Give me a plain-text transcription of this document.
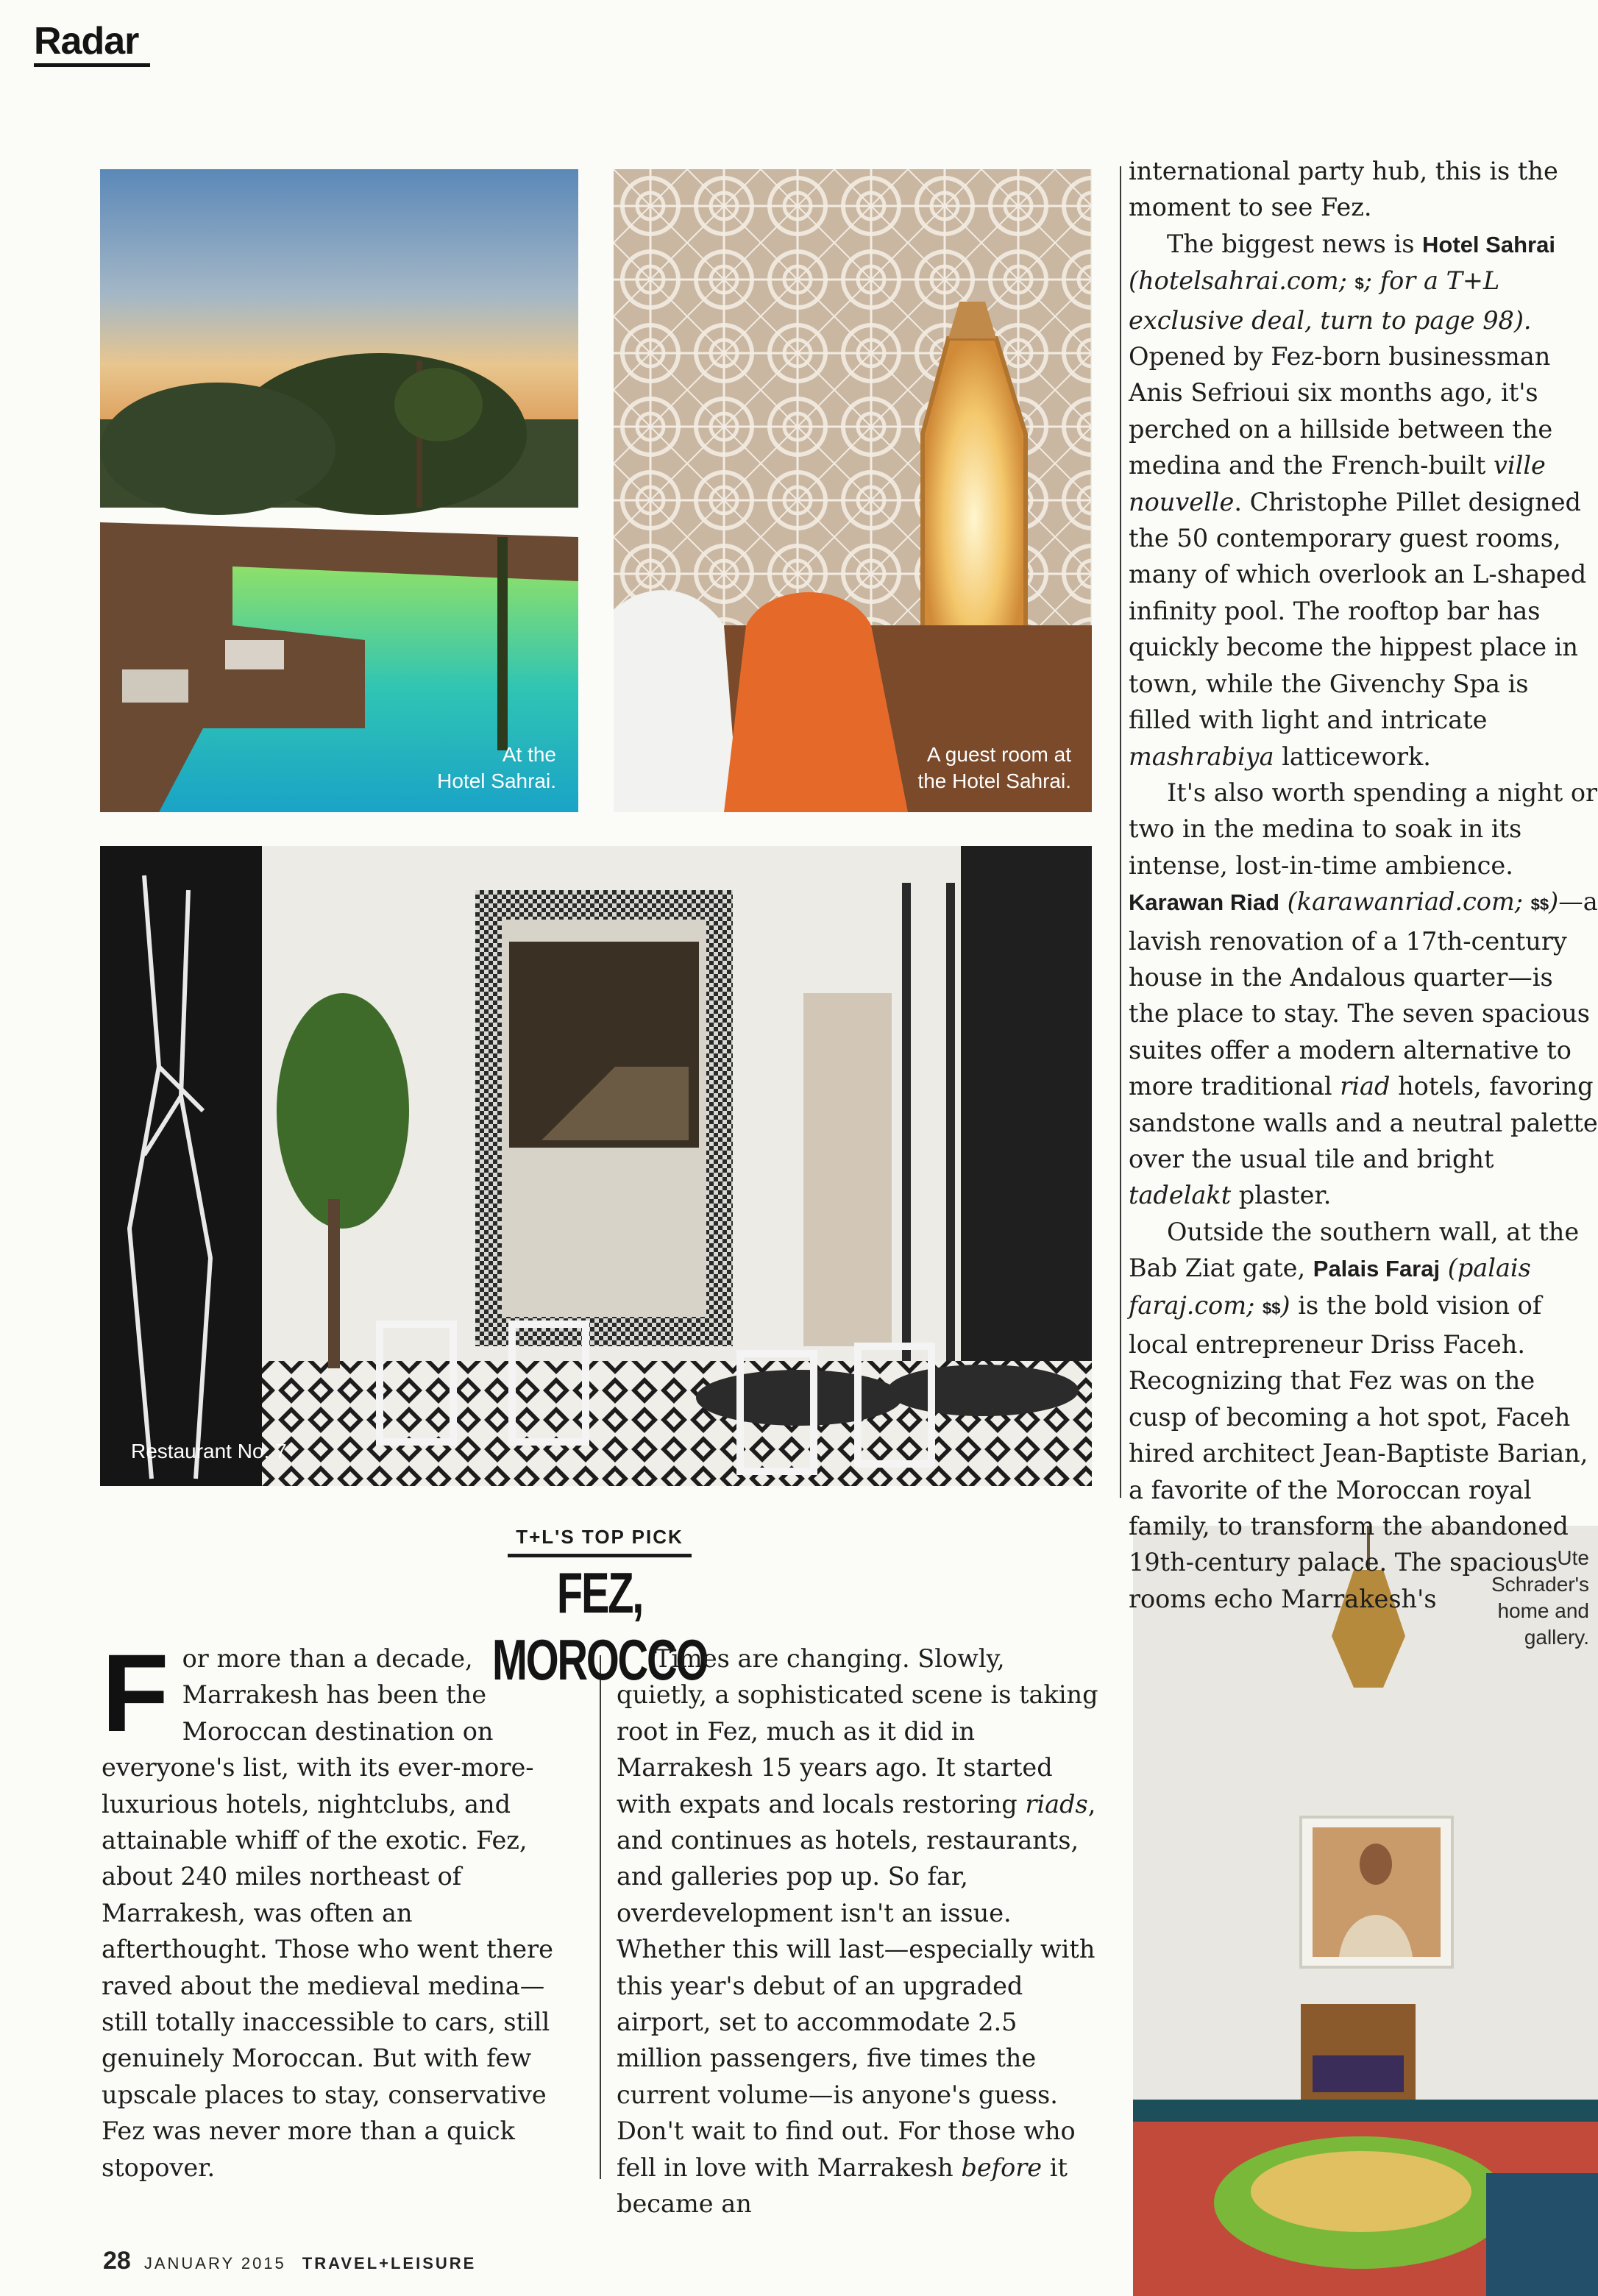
Radar
At the
Hotel Sahrai.
A guest room at
the Hotel Sahrai.
Restaurant No. 7
Ute
Schrader's
home and
gallery.
T+L'S TOP PICK
FEZ, MOROCCO
F or more than a decade, Marrakesh has been the Moroccan destination on everyone's list, with its ever-more-luxurious hotels, nightclubs, and attainable whiff of the exotic. Fez, about 240 miles northeast of Marrakesh, was often an afterthought. Those who went there raved about the medieval medina—still totally inaccessible to cars, still genuinely Moroccan. But with few upscale places to stay, conservative Fez was never more than a quick stopover.

Times are changing. Slowly, quietly, a sophisticated scene is taking root in Fez, much as it did in Marrakesh 15 years ago. It started with expats and locals restoring riads, and continues as hotels, restaurants, and galleries pop up. So far, overdevelopment isn't an issue. Whether this will last—especially with this year's debut of an upgraded airport, set to accommodate 2.5 million passengers, five times the current volume—is anyone's guess. Don't wait to find out. For those who fell in love with Marrakesh before it became an

international party hub, this is the moment to see Fez.

The biggest news is Hotel Sahrai (hotelsahrai.com; $; for a T+L exclusive deal, turn to page 98). Opened by Fez-born businessman Anis Sefrioui six months ago, it's perched on a hillside between the medina and the French-built ville nouvelle. Christophe Pillet designed the 50 contemporary guest rooms, many of which overlook an L-shaped infinity pool. The rooftop bar has quickly become the hippest place in town, while the Givenchy Spa is filled with light and intricate mashrabiya latticework.

It's also worth spending a night or two in the medina to soak in its intense, lost-in-time ambience. Karawan Riad (karawanriad.com; $$)—a lavish renovation of a 17th-century house in the Andalous quarter—is the place to stay. The seven spacious suites offer a modern alternative to more traditional riad hotels, favoring sandstone walls and a neutral palette over the usual tile and bright tadelakt plaster.

Outside the southern wall, at the Bab Ziat gate, Palais Faraj (palais faraj.com; $$) is the bold vision of local entrepreneur Driss Faceh. Recognizing that Fez was on the cusp of becoming a hot spot, Faceh hired architect Jean-Baptiste Barian, a favorite of the Moroccan royal family, to transform the abandoned 19th-century palace. The spacious rooms echo Marrakesh's

28 JANUARY 2015 TRAVEL+LEISURE
